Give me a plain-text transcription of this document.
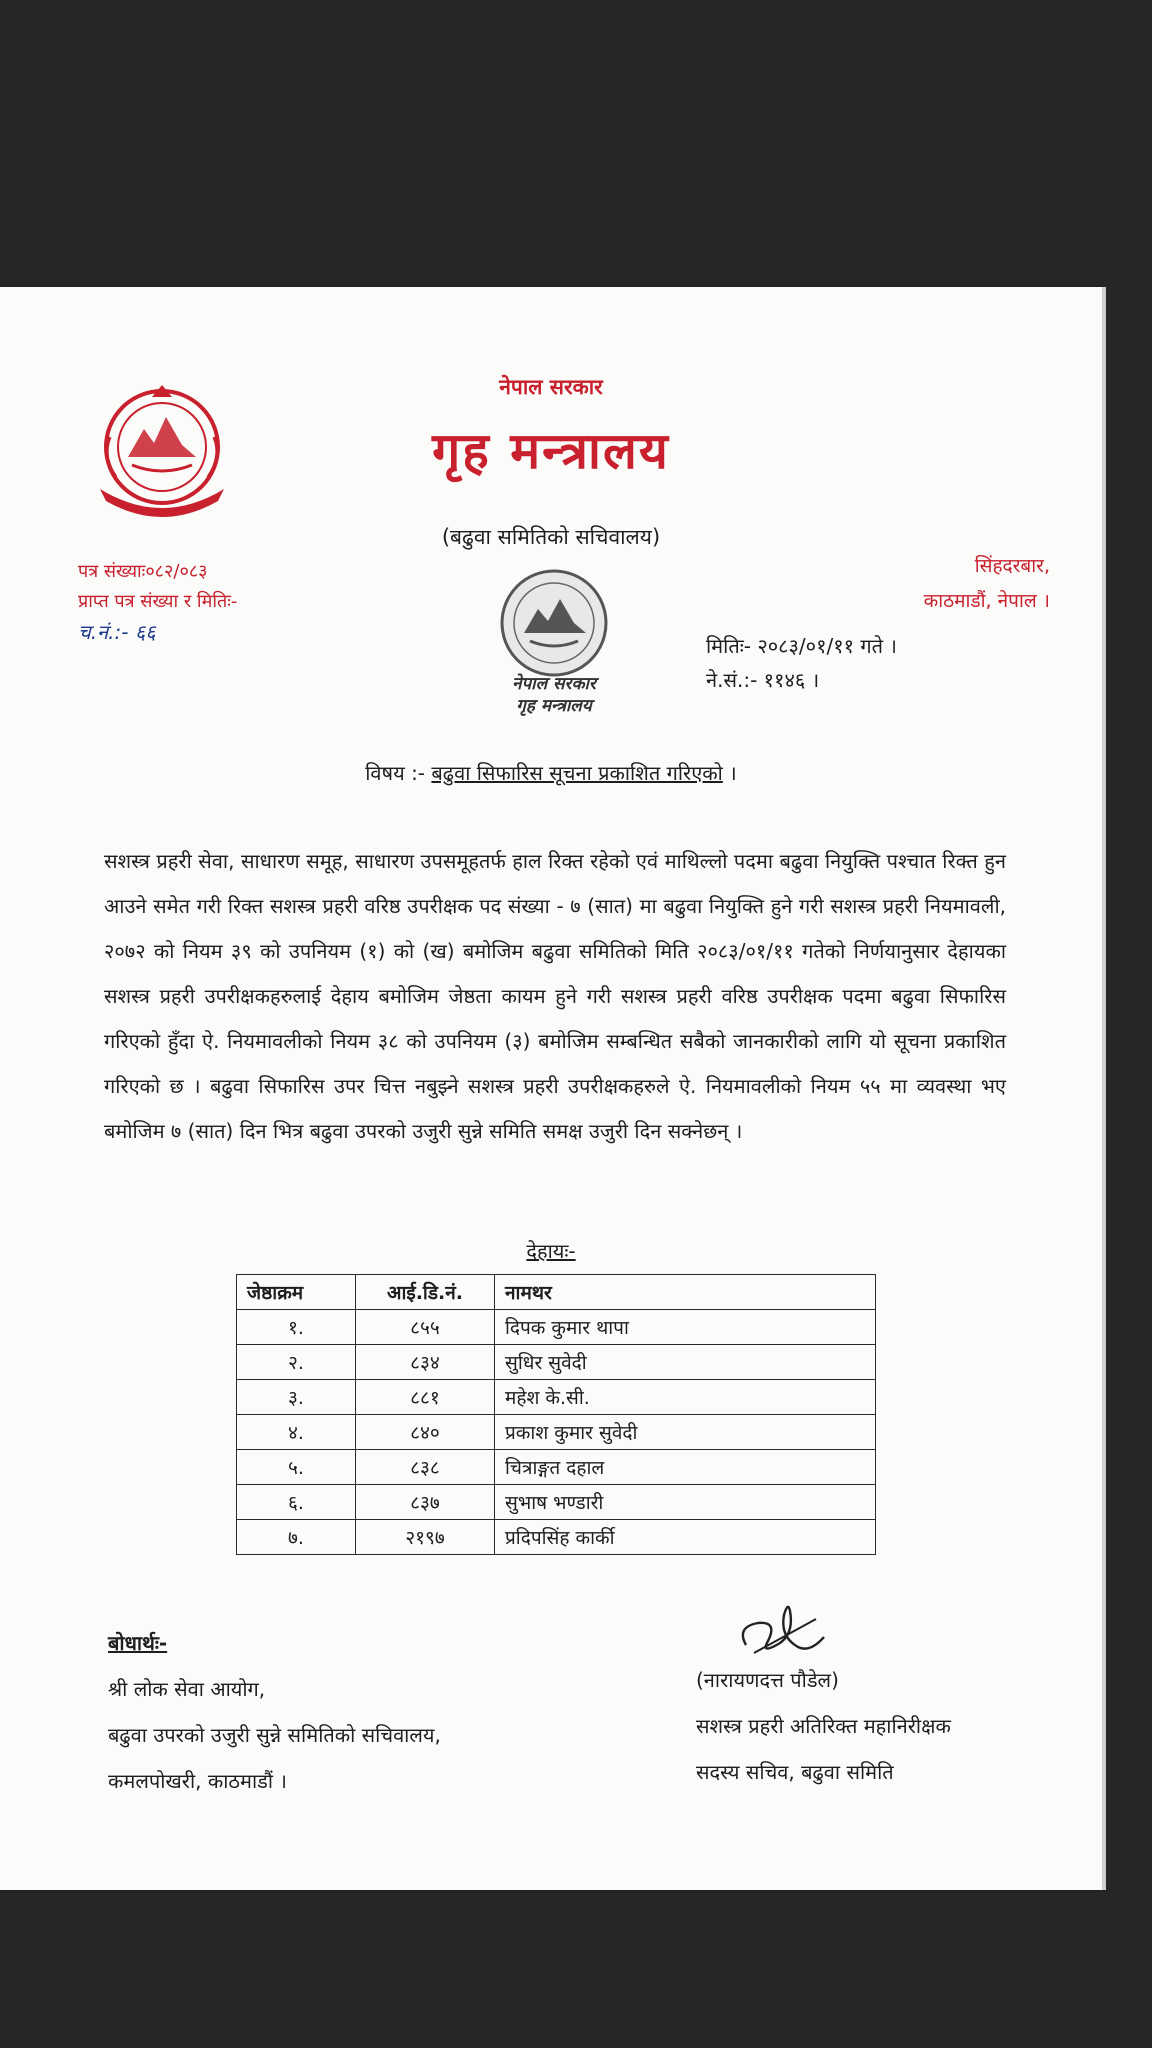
नेपाल सरकार
गृह मन्त्रालय
(बढुवा समितिको सचिवालय)
पत्र संख्याः०८२/०८३
प्राप्त पत्र संख्या र मितिः-
च.नं.:- ६६
सिंहदरबार,
काठमाडौं, नेपाल ।
नेपाल सरकार
गृह मन्त्रालय
मितिः- २०८३/०१/११ गते ।
ने.सं.:- ११४६ ।
विषय :- बढुवा सिफारिस सूचना प्रकाशित गरिएको ।

सशस्त्र प्रहरी सेवा, साधारण समूह, साधारण उपसमूहतर्फ हाल रिक्त रहेको एवं माथिल्लो पदमा बढुवा नियुक्ति पश्चात रिक्त हुन आउने समेत गरी रिक्त सशस्त्र प्रहरी वरिष्ठ उपरीक्षक पद संख्या - ७ (सात) मा बढुवा नियुक्ति हुने गरी सशस्त्र प्रहरी नियमावली, २०७२ को नियम ३९ को उपनियम (१) को (ख) बमोजिम बढुवा समितिको मिति २०८३/०१/११ गतेको निर्णयानुसार देहायका सशस्त्र प्रहरी उपरीक्षकहरुलाई देहाय बमोजिम जेष्ठता कायम हुने गरी सशस्त्र प्रहरी वरिष्ठ उपरीक्षक पदमा बढुवा सिफारिस गरिएको हुँदा ऐ. नियमावलीको नियम ३८ को उपनियम (३) बमोजिम सम्बन्धित सबैको जानकारीको लागि यो सूचना प्रकाशित गरिएको छ । बढुवा सिफारिस उपर चित्त नबुझ्ने सशस्त्र प्रहरी उपरीक्षकहरुले ऐ. नियमावलीको नियम ५५ मा व्यवस्था भए बमोजिम ७ (सात) दिन भित्र बढुवा उपरको उजुरी सुन्ने समिति समक्ष उजुरी दिन सक्नेछन् ।

देहायः-
जेष्ठाक्रम	आई.डि.नं.	नामथर
१.	८५५	दिपक कुमार थापा
२.	८३४	सुधिर सुवेदी
३.	८८१	महेश के.सी.
४.	८४०	प्रकाश कुमार सुवेदी
५.	८३८	चित्राङ्गत दहाल
६.	८३७	सुभाष भण्डारी
७.	२१९७	प्रदिपसिंह कार्की
बोधार्थः-
श्री लोक सेवा आयोग,
बढुवा उपरको उजुरी सुन्ने समितिको सचिवालय,
कमलपोखरी, काठमाडौं ।
(नारायणदत्त पौडेल)
सशस्त्र प्रहरी अतिरिक्त महानिरीक्षक
सदस्य सचिव, बढुवा समिति
